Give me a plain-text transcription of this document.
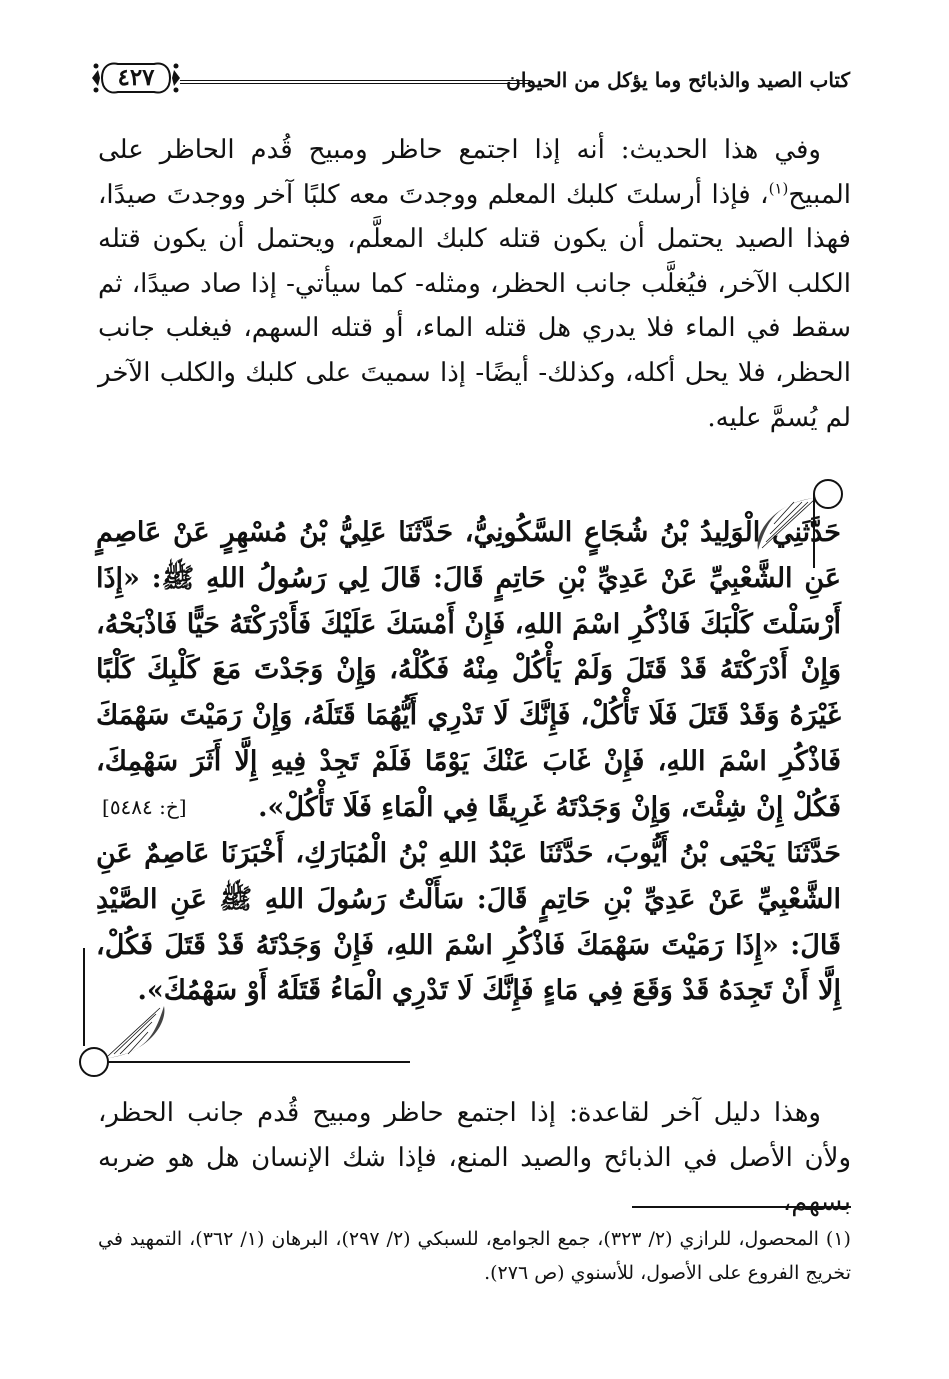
كتاب الصيد والذبائح وما يؤكل من الحيوان
٤٢٧

وفي هذا الحديث: أنه إذا اجتمع حاظر ومبيح قُدم الحاظر على المبيح$^{(١)}$، فإذا أرسلتَ كلبك المعلم ووجدتَ معه كلبًا آخر ووجدتَ صيدًا، فهذا الصيد يحتمل أن يكون قتله كلبك المعلَّم، ويحتمل أن يكون قتله الكلب الآخر، فيُغلَّب جانب الحظر، ومثله- كما سيأتي- إذا صاد صيدًا، ثم سقط في الماء فلا يدري هل قتله الماء، أو قتله السهم، فيغلب جانب الحظر، فلا يحل أكله، وكذلك- أيضًا- إذا سميتَ على كلبك والكلب الآخر لم يُسمَّ عليه.

حَدَّثَنِي الْوَلِيدُ بْنُ شُجَاعٍ السَّكُونِيُّ، حَدَّثَنَا عَلِيُّ بْنُ مُسْهِرٍ عَنْ عَاصِمٍ عَنِ الشَّعْبِيِّ عَنْ عَدِيِّ بْنِ حَاتِمٍ قَالَ: قَالَ لِي رَسُولُ اللهِ ﷺ: «إِذَا أَرْسَلْتَ كَلْبَكَ فَاذْكُرِ اسْمَ اللهِ، فَإِنْ أَمْسَكَ عَلَيْكَ فَأَدْرَكْتَهُ حَيًّا فَاذْبَحْهُ، وَإِنْ أَدْرَكْتَهُ قَدْ قَتَلَ وَلَمْ يَأْكُلْ مِنْهُ فَكُلْهُ، وَإِنْ وَجَدْتَ مَعَ كَلْبِكَ كَلْبًا غَيْرَهُ وَقَدْ قَتَلَ فَلَا تَأْكُلْ، فَإِنَّكَ لَا تَدْرِي أَيُّهُمَا قَتَلَهُ، وَإِنْ رَمَيْتَ سَهْمَكَ فَاذْكُرِ اسْمَ اللهِ، فَإِنْ غَابَ عَنْكَ يَوْمًا فَلَمْ تَجِدْ فِيهِ إِلَّا أَثَرَ سَهْمِكَ، فَكُلْ إِنْ شِئْتَ، وَإِنْ وَجَدْتَهُ غَرِيقًا فِي الْمَاءِ فَلَا تَأْكُلْ».
[خ: ٥٤٨٤]

حَدَّثَنَا يَحْيَى بْنُ أَيُّوبَ، حَدَّثَنَا عَبْدُ اللهِ بْنُ الْمُبَارَكِ، أَخْبَرَنَا عَاصِمٌ عَنِ الشَّعْبِيِّ عَنْ عَدِيِّ بْنِ حَاتِمٍ قَالَ: سَأَلْتُ رَسُولَ اللهِ ﷺ عَنِ الصَّيْدِ قَالَ: «إِذَا رَمَيْتَ سَهْمَكَ فَاذْكُرِ اسْمَ اللهِ، فَإِنْ وَجَدْتَهُ قَدْ قَتَلَ فَكُلْ، إِلَّا أَنْ تَجِدَهُ قَدْ وَقَعَ فِي مَاءٍ فَإِنَّكَ لَا تَدْرِي الْمَاءُ قَتَلَهُ أَوْ سَهْمُكَ».

وهذا دليل آخر لقاعدة: إذا اجتمع حاظر ومبيح قُدم جانب الحظر، ولأن الأصل في الذبائح والصيد المنع، فإذا شك الإنسان هل هو ضربه بسهم،

(١) المحصول، للرازي (٢/ ٣٢٣)، جمع الجوامع، للسبكي (٢/ ٢٩٧)، البرهان (١/ ٣٦٢)، التمهيد في تخريج الفروع على الأصول، للأسنوي (ص ٢٧٦).
